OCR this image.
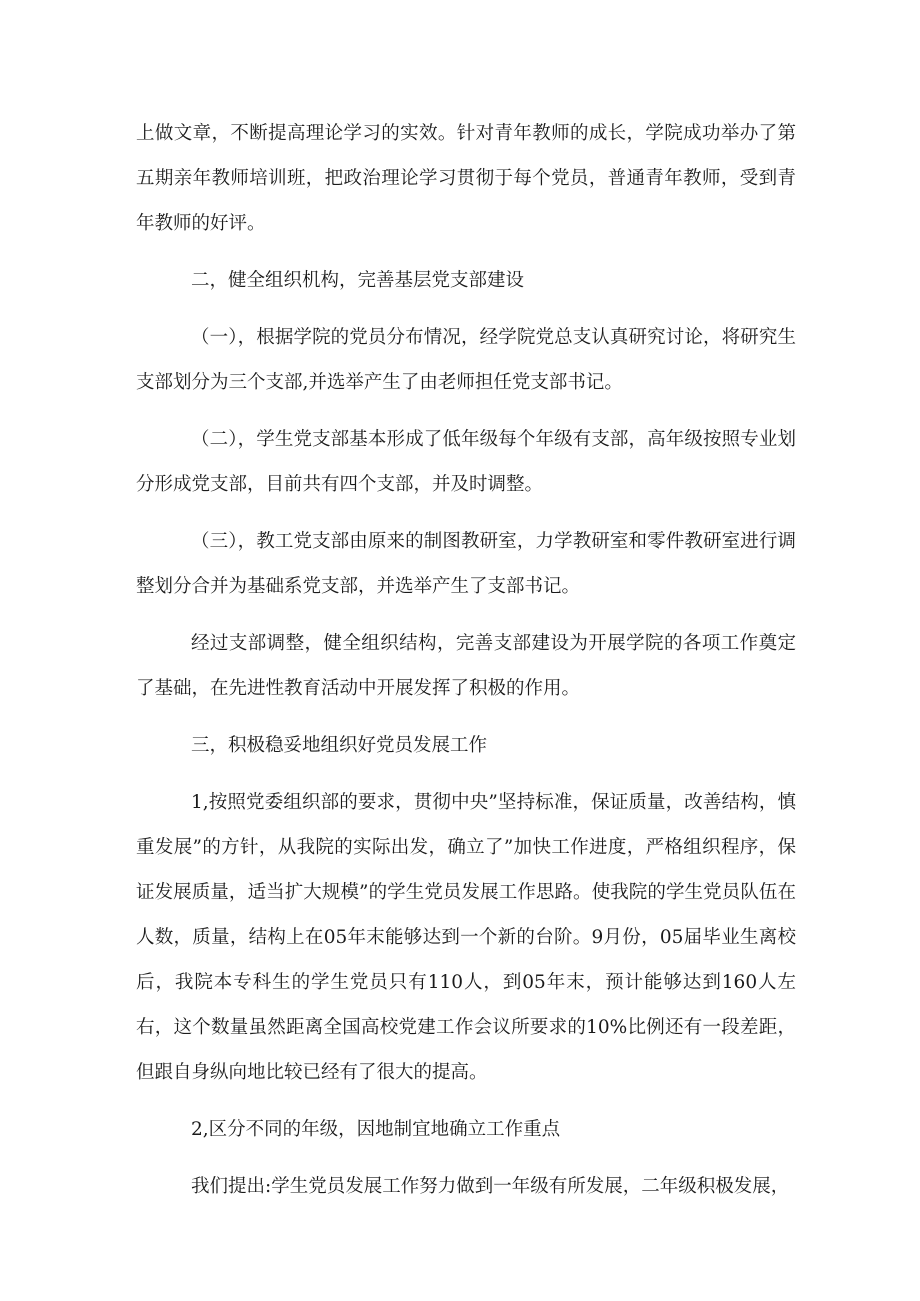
上做文章，不断提高理论学习的实效。针对青年教师的成长，学院成功举办了第五期亲年教师培训班，把政治理论学习贯彻于每个党员，普通青年教师，受到青年教师的好评。

二，健全组织机构，完善基层党支部建设

（一），根据学院的党员分布情况，经学院党总支认真研究讨论，将研究生支部划分为三个支部,并选举产生了由老师担任党支部书记。

（二），学生党支部基本形成了低年级每个年级有支部，高年级按照专业划分形成党支部，目前共有四个支部，并及时调整。

（三），教工党支部由原来的制图教研室，力学教研室和零件教研室进行调整划分合并为基础系党支部，并选举产生了支部书记。

经过支部调整，健全组织结构，完善支部建设为开展学院的各项工作奠定了基础，在先进性教育活动中开展发挥了积极的作用。

三，积极稳妥地组织好党员发展工作

1,按照党委组织部的要求，贯彻中央”坚持标准，保证质量，改善结构，慎重发展”的方针，从我院的实际出发，确立了”加快工作进度，严格组织程序，保证发展质量，适当扩大规模”的学生党员发展工作思路。使我院的学生党员队伍在人数，质量，结构上在05年末能够达到一个新的台阶。9月份，05届毕业生离校后，我院本专科生的学生党员只有110人，到05年末，预计能够达到160人左右，这个数量虽然距离全国高校党建工作会议所要求的10%比例还有一段差距，但跟自身纵向地比较已经有了很大的提高。

2,区分不同的年级，因地制宜地确立工作重点

我们提出:学生党员发展工作努力做到一年级有所发展，二年级积极发展，
